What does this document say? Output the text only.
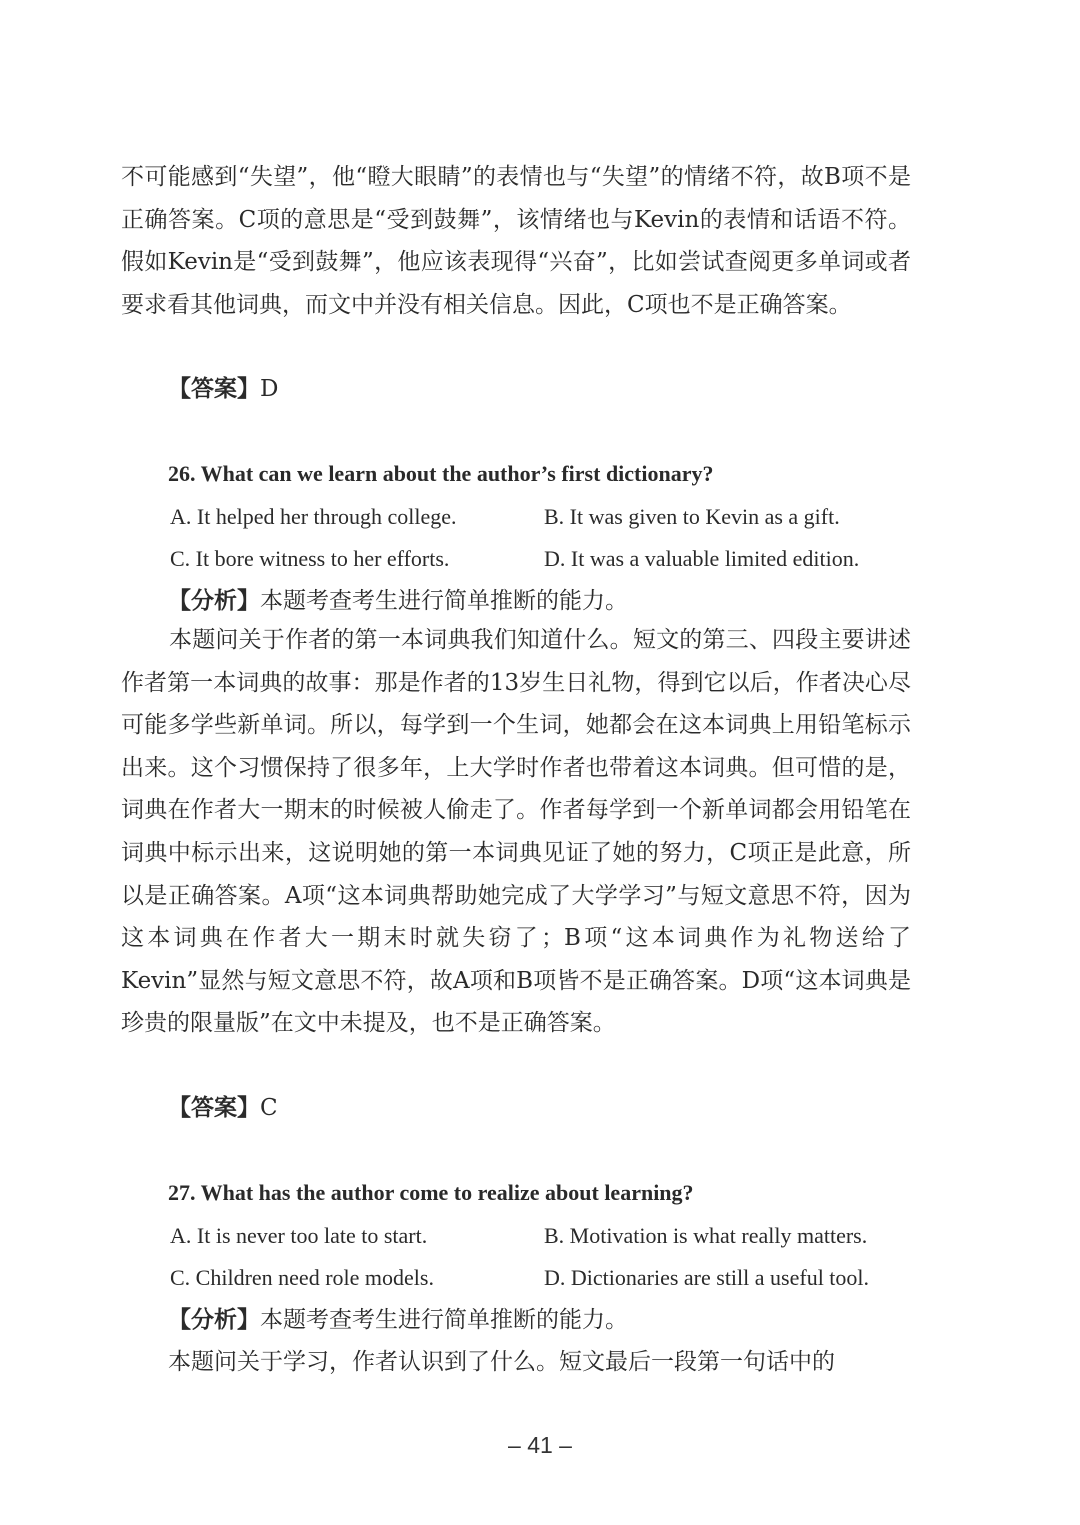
不可能感到“失望”，他“瞪大眼睛”的表情也与“失望”的情绪不符，故B项不是正确答案。C项的意思是“受到鼓舞”，该情绪也与Kevin的表情和话语不符。假如Kevin是“受到鼓舞”，他应该表现得“兴奋”，比如尝试查阅更多单词或者要求看其他词典，而文中并没有相关信息。因此，C项也不是正确答案。

【答案】D

26. What can we learn about the author’s first dictionary?

A. It helped her through college.	B. It was given to Kevin as a gift.

C. It bore witness to her efforts.	D. It was a valuable limited edition.

【分析】本题考查考生进行简单推断的能力。

本题问关于作者的第一本词典我们知道什么。短文的第三、四段主要讲述作者第一本词典的故事：那是作者的13岁生日礼物，得到它以后，作者决心尽可能多学些新单词。所以，每学到一个生词，她都会在这本词典上用铅笔标示出来。这个习惯保持了很多年，上大学时作者也带着这本词典。但可惜的是，词典在作者大一期末的时候被人偷走了。作者每学到一个新单词都会用铅笔在词典中标示出来，这说明她的第一本词典见证了她的努力，C项正是此意，所以是正确答案。A项“这本词典帮助她完成了大学学习”与短文意思不符，因为这本词典在作者大一期末时就失窃了；B项“这本词典作为礼物送给了Kevin”显然与短文意思不符，故A项和B项皆不是正确答案。D项“这本词典是珍贵的限量版”在文中未提及，也不是正确答案。

【答案】C

27. What has the author come to realize about learning?

A. It is never too late to start.	B. Motivation is what really matters.

C. Children need role models.	D. Dictionaries are still a useful tool.

【分析】本题考查考生进行简单推断的能力。

本题问关于学习，作者认识到了什么。短文最后一段第一句话中的

– 41 –
